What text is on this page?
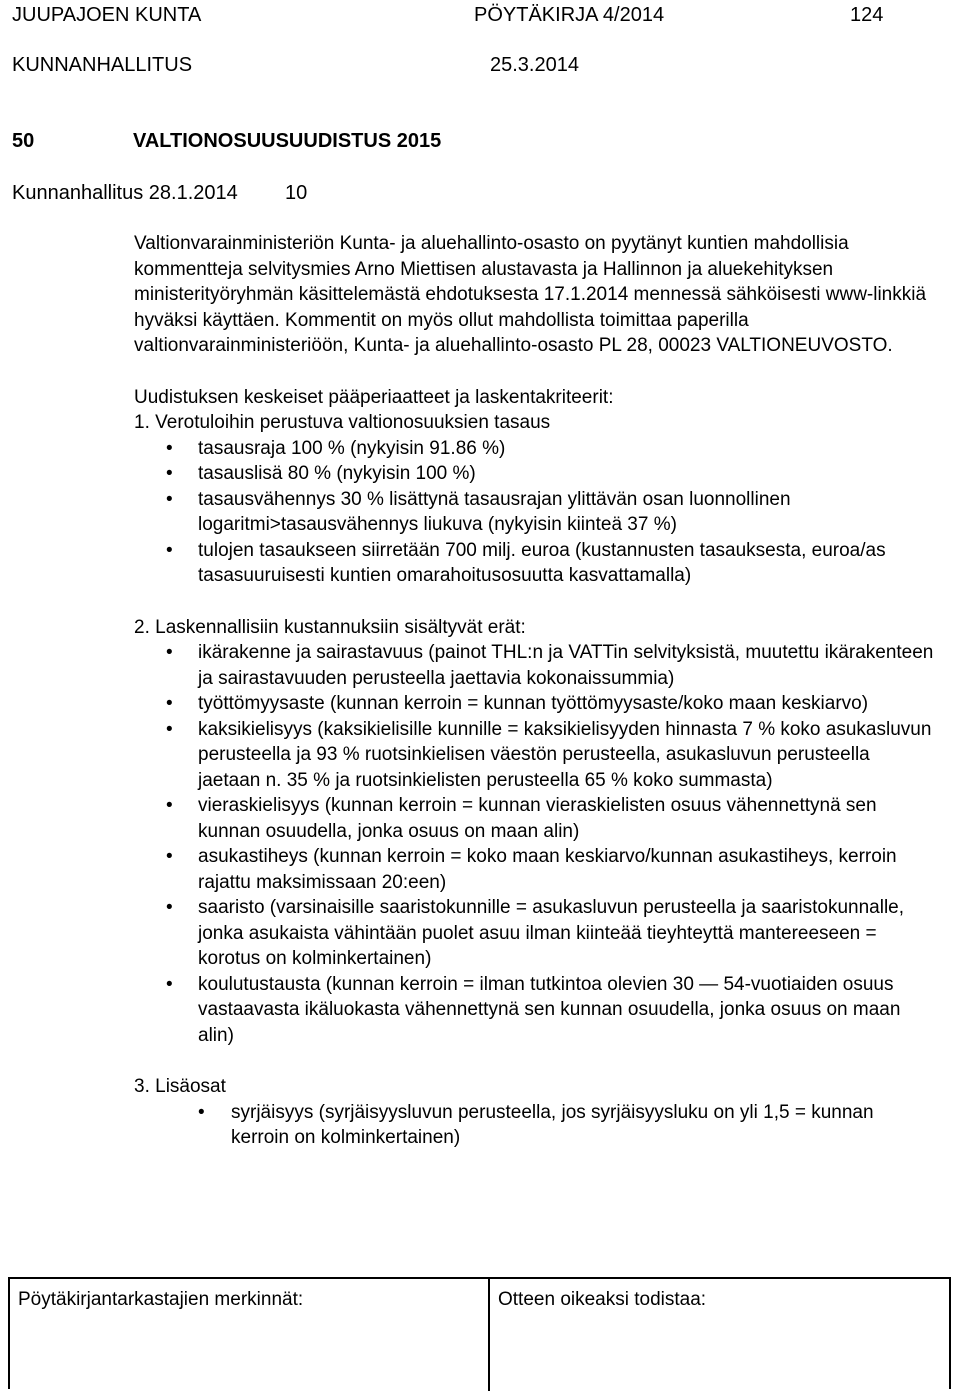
JUUPAJOEN KUNTA	PÖYTÄKIRJA 4/2014	124
KUNNANHALLITUS	25.3.2014
50	VALTIONOSUUSUUDISTUS 2015
Kunnanhallitus 28.1.2014 10

Valtionvarainministeriön Kunta- ja aluehallinto-osasto on pyytänyt kuntien mahdollisia kommentteja selvitysmies Arno Miettisen alustavasta ja Hallinnon ja aluekehityksen ministerityöryhmän käsittelemästä ehdotuksesta 17.1.2014 mennessä sähköisesti www-linkkiä hyväksi käyttäen. Kommentit on myös ollut mahdollista toimittaa paperilla valtionvarainministeriöön, Kunta- ja aluehallinto-osasto PL 28, 00023 VALTIONEUVOSTO.

Uudistuksen keskeiset pääperiaatteet ja laskentakriteerit:

1. Verotuloihin perustuva valtionosuuksien tasaus

• tasausraja 100 % (nykyisin 91.86 %)
• tasauslisä 80 % (nykyisin 100 %)
• tasausvähennys 30 % lisättynä tasausrajan ylittävän osan luonnollinen logaritmi>tasausvähennys liukuva (nykyisin kiinteä 37 %)
• tulojen tasaukseen siirretään 700 milj. euroa (kustannusten tasauksesta, euroa/as tasasuuruisesti kuntien omarahoitusosuutta kasvattamalla)

2. Laskennallisiin kustannuksiin sisältyvät erät:

• ikärakenne ja sairastavuus (painot THL:n ja VATTin selvityksistä, muutettu ikärakenteen ja sairastavuuden perusteella jaettavia kokonaissummia)
• työttömyysaste (kunnan kerroin = kunnan työttömyysaste/koko maan keskiarvo)
• kaksikielisyys (kaksikielisille kunnille = kaksikielisyyden hinnasta 7 % koko asukasluvun perusteella ja 93 % ruotsinkielisen väestön perusteella, asukasluvun perusteella jaetaan n. 35 % ja ruotsinkielisten perusteella 65 % koko summasta)
• vieraskielisyys (kunnan kerroin = kunnan vieraskielisten osuus vähennettynä sen kunnan osuudella, jonka osuus on maan alin)
• asukastiheys (kunnan kerroin = koko maan keskiarvo/kunnan asukastiheys, kerroin rajattu maksimissaan 20:een)
• saaristo (varsinaisille saaristokunnille = asukasluvun perusteella ja saaristokunnalle, jonka asukaista vähintään puolet asuu ilman kiinteää tieyhteyttä mantereeseen = korotus on kolminkertainen)
• koulutustausta (kunnan kerroin = ilman tutkintoa olevien 30 — 54-vuotiaiden osuus vastaavasta ikäluokasta vähennettynä sen kunnan osuudella, jonka osuus on maan alin)

3. Lisäosat

• syrjäisyys (syrjäisyysluvun perusteella, jos syrjäisyysluku on yli 1,5 = kunnan kerroin on kolminkertainen)
Pöytäkirjantarkastajien merkinnät:	Otteen oikeaksi todistaa:
